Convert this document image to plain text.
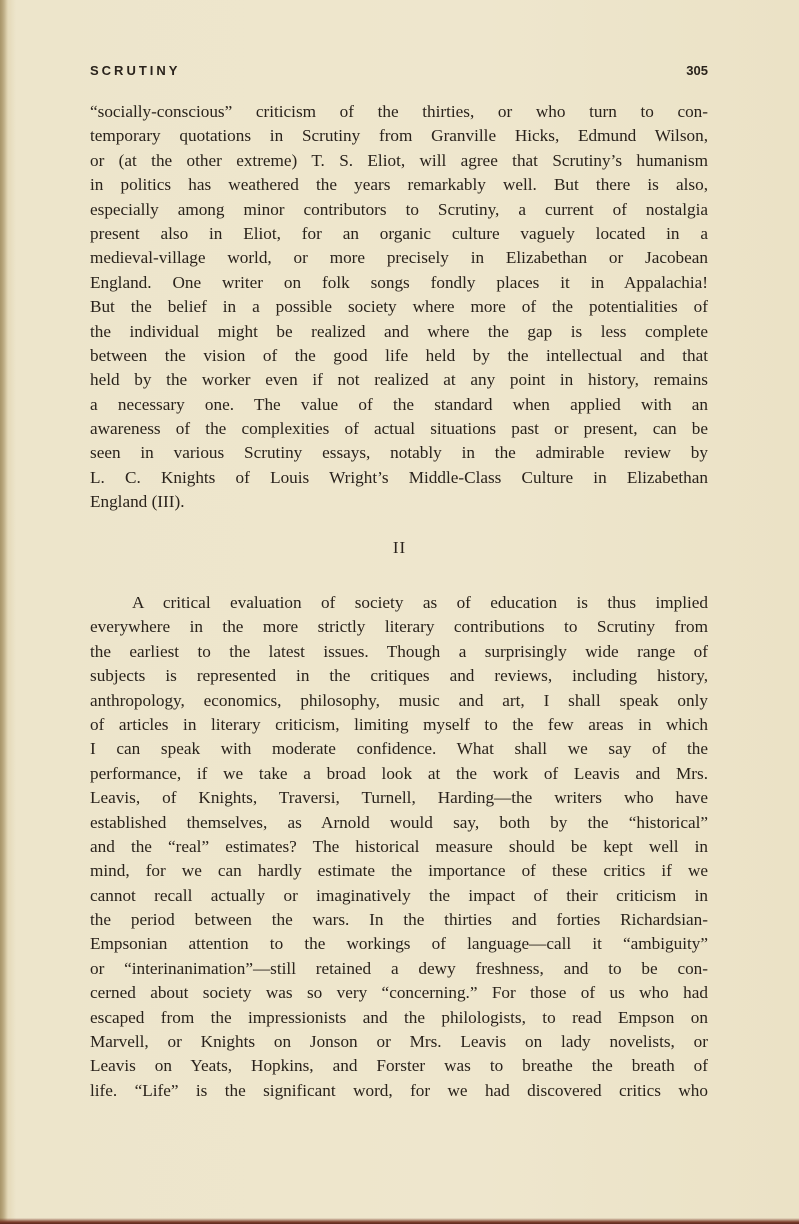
SCRUTINY	305
“socially-conscious” criticism of the thirties, or who turn to con-
temporary quotations in Scrutiny from Granville Hicks, Edmund Wilson,
or (at the other extreme) T. S. Eliot, will agree that Scrutiny’s humanism
in politics has weathered the years remarkably well. But there is also,
especially among minor contributors to Scrutiny, a current of nostalgia
present also in Eliot, for an organic culture vaguely located in a
medieval-village world, or more precisely in Elizabethan or Jacobean
England. One writer on folk songs fondly places it in Appalachia!
But the belief in a possible society where more of the potentialities of
the individual might be realized and where the gap is less complete
between the vision of the good life held by the intellectual and that
held by the worker even if not realized at any point in history, remains
a necessary one. The value of the standard when applied with an
awareness of the complexities of actual situations past or present, can be
seen in various Scrutiny essays, notably in the admirable review by
L. C. Knights of Louis Wright’s Middle-Class Culture in Elizabethan
England (III).
II
A critical evaluation of society as of education is thus implied
everywhere in the more strictly literary contributions to Scrutiny from
the earliest to the latest issues. Though a surprisingly wide range of
subjects is represented in the critiques and reviews, including history,
anthropology, economics, philosophy, music and art, I shall speak only
of articles in literary criticism, limiting myself to the few areas in which
I can speak with moderate confidence. What shall we say of the
performance, if we take a broad look at the work of Leavis and Mrs.
Leavis, of Knights, Traversi, Turnell, Harding—the writers who have
established themselves, as Arnold would say, both by the “historical”
and the “real” estimates? The historical measure should be kept well in
mind, for we can hardly estimate the importance of these critics if we
cannot recall actually or imaginatively the impact of their criticism in
the period between the wars. In the thirties and forties Richardsian-
Empsonian attention to the workings of language—call it “ambiguity”
or “interinanimation”—still retained a dewy freshness, and to be con-
cerned about society was so very “concerning.” For those of us who had
escaped from the impressionists and the philologists, to read Empson on
Marvell, or Knights on Jonson or Mrs. Leavis on lady novelists, or
Leavis on Yeats, Hopkins, and Forster was to breathe the breath of
life. “Life” is the significant word, for we had discovered critics who
